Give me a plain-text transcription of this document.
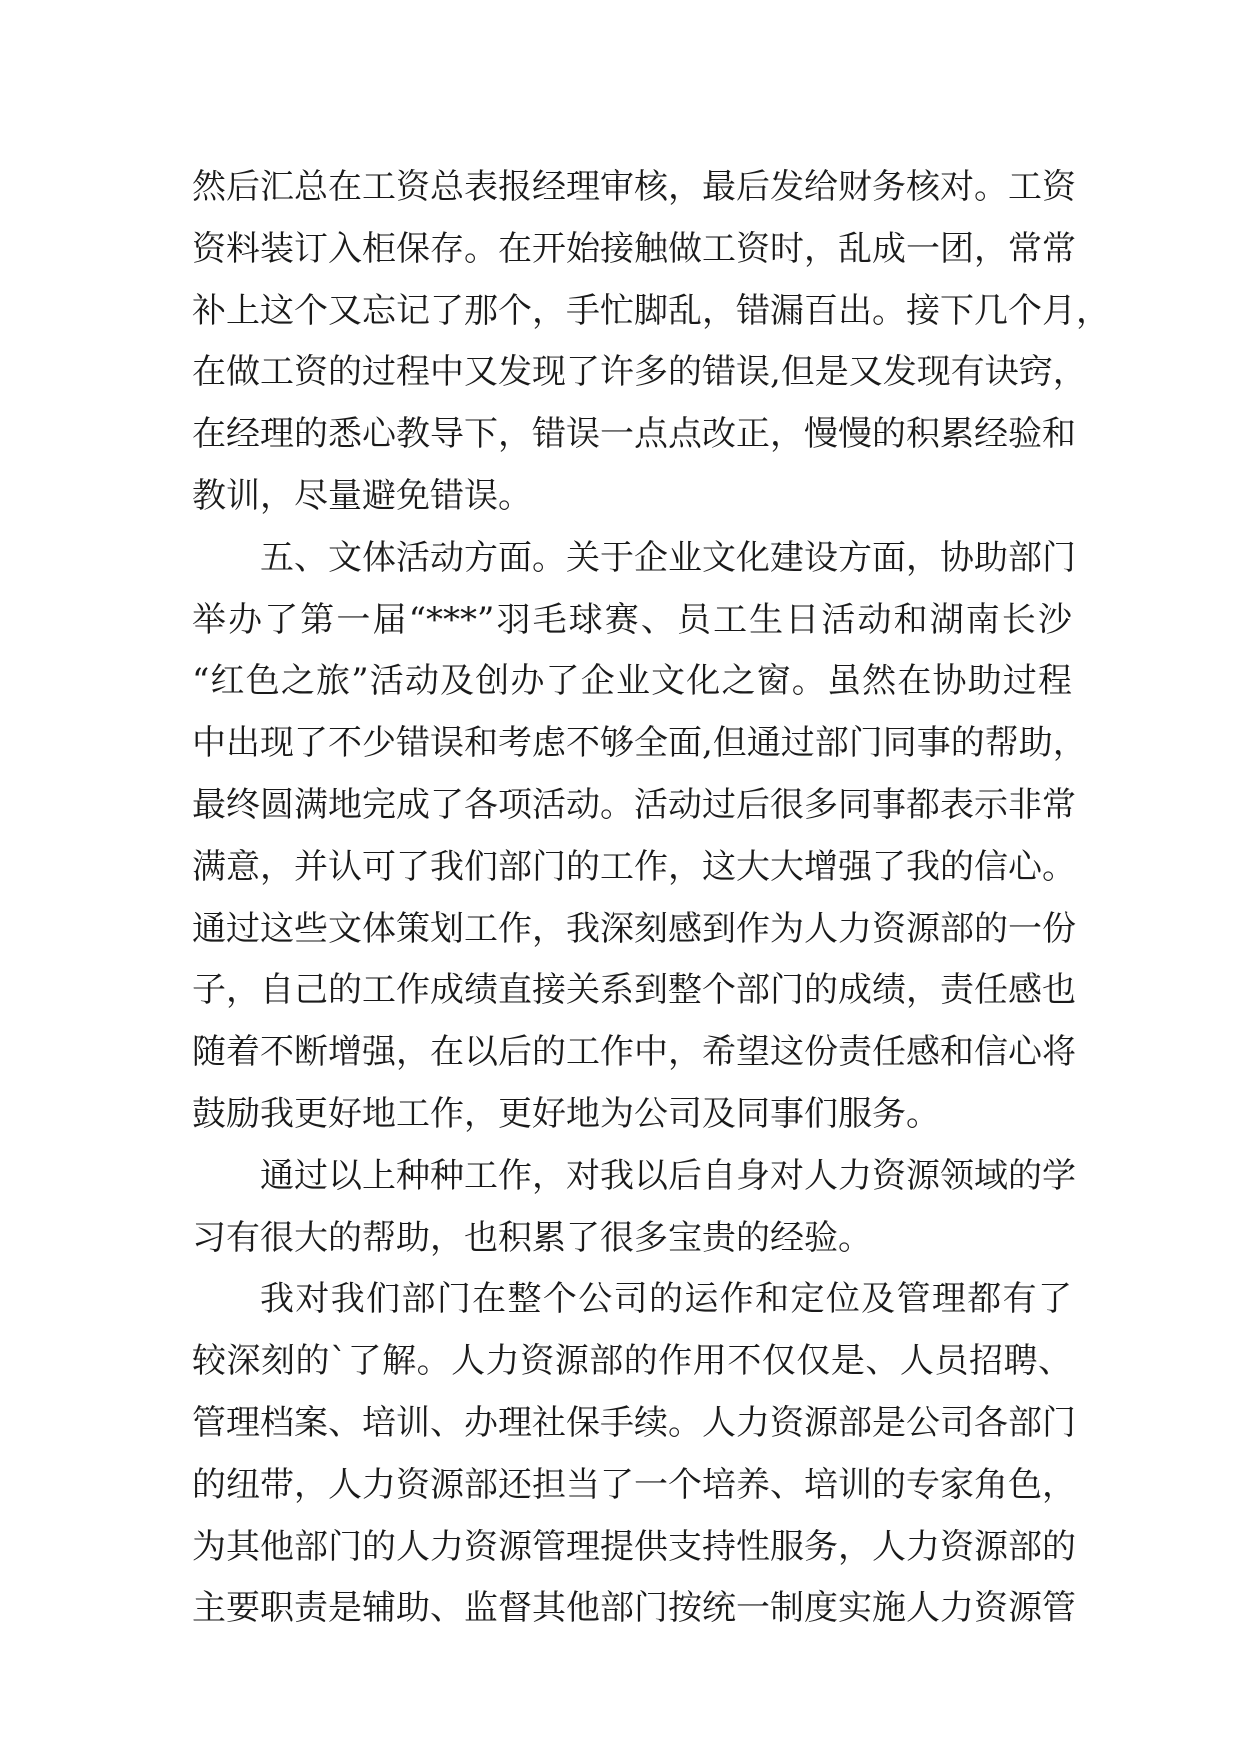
然后汇总在工资总表报经理审核，最后发给财务核对。工资
资料装订入柜保存。在开始接触做工资时，乱成一团，常常
补上这个又忘记了那个，手忙脚乱，错漏百出。接下几个月，
在做工资的过程中又发现了许多的错误,但是又发现有诀窍，
在经理的悉心教导下，错误一点点改正，慢慢的积累经验和
教训，尽量避免错误。
五、文体活动方面。关于企业文化建设方面，协助部门
举办了第一届“***”羽毛球赛、员工生日活动和湖南长沙
“红色之旅”活动及创办了企业文化之窗。虽然在协助过程
中出现了不少错误和考虑不够全面,但通过部门同事的帮助，
最终圆满地完成了各项活动。活动过后很多同事都表示非常
满意，并认可了我们部门的工作，这大大增强了我的信心。
通过这些文体策划工作，我深刻感到作为人力资源部的一份
子，自己的工作成绩直接关系到整个部门的成绩，责任感也
随着不断增强，在以后的工作中，希望这份责任感和信心将
鼓励我更好地工作，更好地为公司及同事们服务。
通过以上种种工作，对我以后自身对人力资源领域的学
习有很大的帮助，也积累了很多宝贵的经验。
我对我们部门在整个公司的运作和定位及管理都有了
较深刻的`了解。人力资源部的作用不仅仅是、人员招聘、
管理档案、培训、办理社保手续。人力资源部是公司各部门
的纽带，人力资源部还担当了一个培养、培训的专家角色，
为其他部门的人力资源管理提供支持性服务，人力资源部的
主要职责是辅助、监督其他部门按统一制度实施人力资源管
